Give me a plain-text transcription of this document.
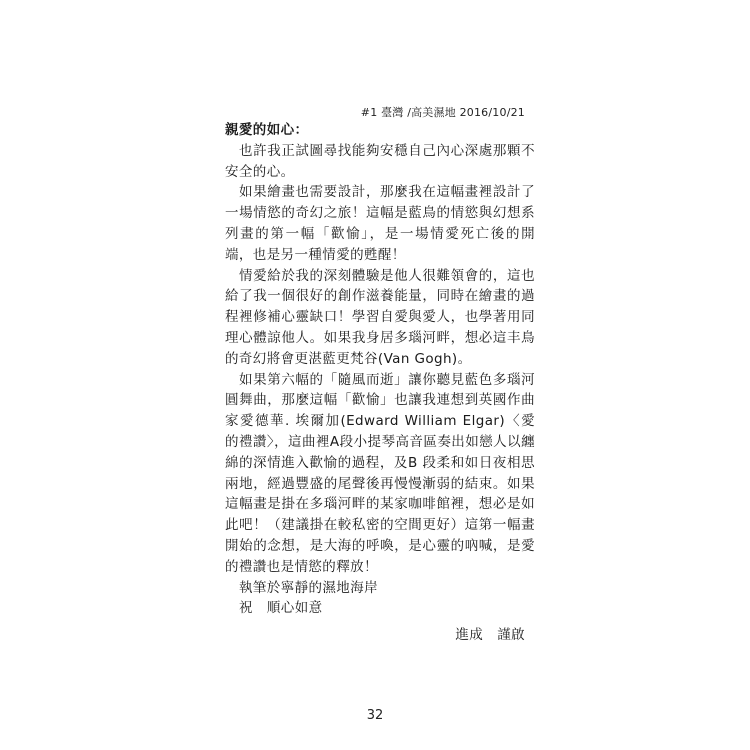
#1 臺灣 /高美濕地 2016/10/21

親愛的如心：

也許我正試圖尋找能夠安穩自己內心深處那顆不安全的心。

如果繪畫也需要設計，那麼我在這幅畫裡設計了一場情慾的奇幻之旅！這幅是藍鳥的情慾與幻想系列畫的第一幅「歡愉」，是一場情愛死亡後的開端，也是另一種情愛的甦醒！

情愛給於我的深刻體驗是他人很難領會的，這也給了我一個很好的創作滋養能量，同時在繪畫的過程裡修補心靈缺口！學習自愛與愛人，也學著用同理心體諒他人。如果我身居多瑙河畔，想必這丰鳥的奇幻將會更湛藍更梵谷(Van Gogh)。

如果第六幅的「隨風而逝」讓你聽見藍色多瑙河圓舞曲，那麼這幅「歡愉」也讓我連想到英國作曲家愛德華. 埃爾加(Edward William Elgar)〈愛的禮讚〉，這曲裡A段小提琴高音區奏出如戀人以纏綿的深情進入歡愉的過程，及B 段柔和如日夜相思兩地，經過豐盛的尾聲後再慢慢漸弱的結束。如果這幅畫是掛在多瑙河畔的某家咖啡館裡，想必是如此吧！（建議掛在較私密的空間更好）這第一幅畫開始的念想，是大海的呼喚，是心靈的吶喊，是愛的禮讚也是情慾的釋放！

執筆於寧靜的濕地海岸

祝 順心如意

進成 謹啟

32
